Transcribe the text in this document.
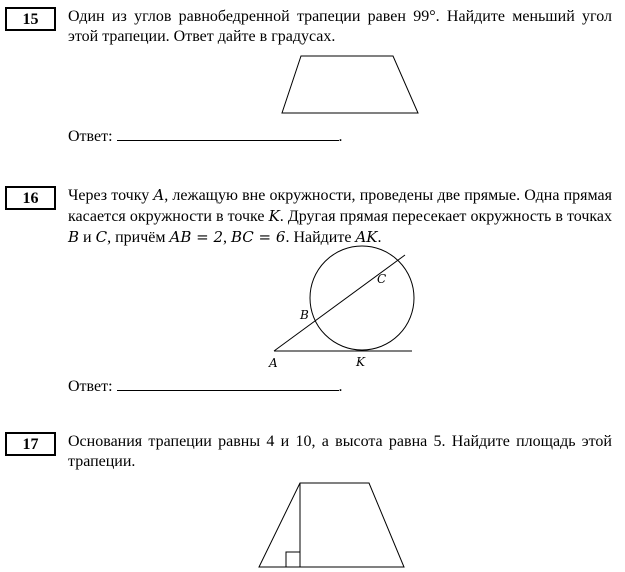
15	Один из углов равнобедренной трапеции равен 99°. Найдите меньший угол этой трапеции. Ответ дайте в градусах.
Ответ:	.
16	Через точку A, лежащую вне окружности, проведены две прямые. Одна прямая касается окружности в точке K. Другая прямая пересекает окружность в точках B и C, причём AB = 2, BC = 6. Найдите AK.
A
B
C
K
Ответ:	.
17	Основания трапеции равны 4 и 10, а высота равна 5. Найдите площадь этой трапеции.
